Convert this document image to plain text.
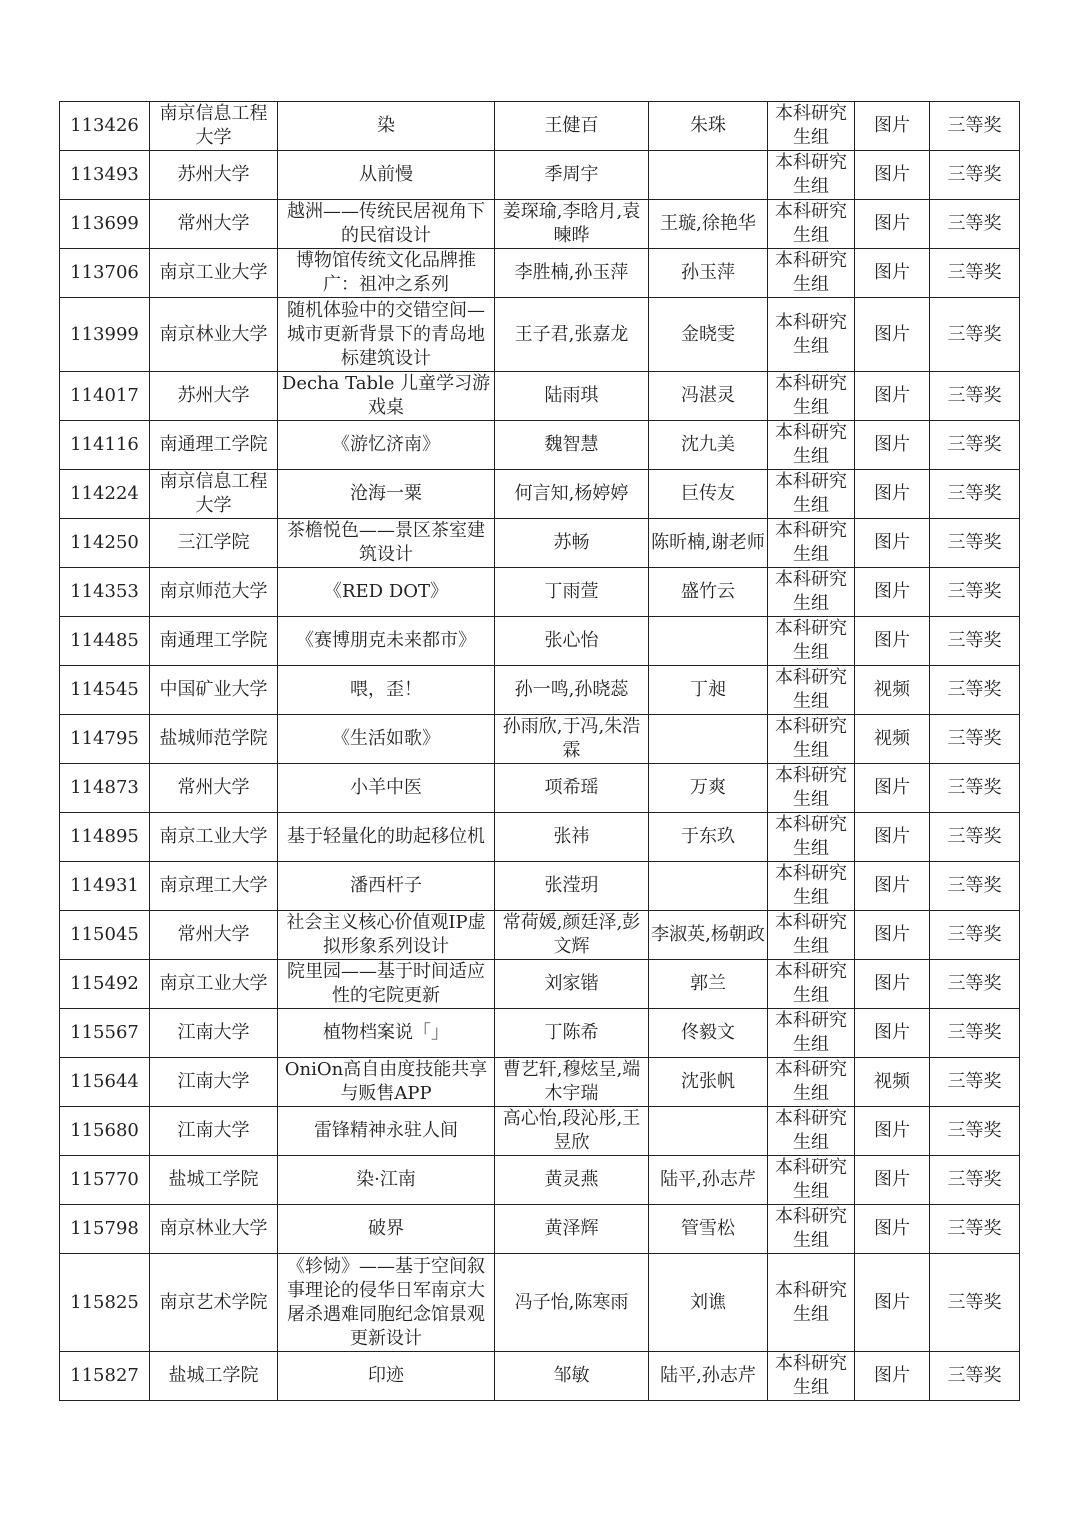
113426	南京信息工程大学	染	王健百	朱珠	本科研究生组	图片	三等奖
113493	苏州大学	从前慢	季周宇		本科研究生组	图片	三等奖
113699	常州大学	越洲——传统民居视角下的民宿设计	姜琛瑜,李晗月,袁暕晔	王璇,徐艳华	本科研究生组	图片	三等奖
113706	南京工业大学	博物馆传统文化品牌推广：祖冲之系列	李胜楠,孙玉萍	孙玉萍	本科研究生组	图片	三等奖
113999	南京林业大学	随机体验中的交错空间—城市更新背景下的青岛地标建筑设计	王子君,张嘉龙	金晓雯	本科研究生组	图片	三等奖
114017	苏州大学	Decha Table 儿童学习游戏桌	陆雨琪	冯湛灵	本科研究生组	图片	三等奖
114116	南通理工学院	《游忆济南》	魏智慧	沈九美	本科研究生组	图片	三等奖
114224	南京信息工程大学	沧海一粟	何言知,杨婷婷	巨传友	本科研究生组	图片	三等奖
114250	三江学院	茶檐悦色——景区茶室建筑设计	苏畅	陈昕楠,谢老师	本科研究生组	图片	三等奖
114353	南京师范大学	《RED DOT》	丁雨萱	盛竹云	本科研究生组	图片	三等奖
114485	南通理工学院	《赛博朋克未来都市》	张心怡		本科研究生组	图片	三等奖
114545	中国矿业大学	喂，歪！	孙一鸣,孙晓蕊	丁昶	本科研究生组	视频	三等奖
114795	盐城师范学院	《生活如歌》	孙雨欣,于冯,朱浩霖		本科研究生组	视频	三等奖
114873	常州大学	小羊中医	项希瑶	万爽	本科研究生组	图片	三等奖
114895	南京工业大学	基于轻量化的助起移位机	张祎	于东玖	本科研究生组	图片	三等奖
114931	南京理工大学	潘西杆子	张滢玥		本科研究生组	图片	三等奖
115045	常州大学	社会主义核心价值观IP虚拟形象系列设计	常荷媛,颜廷泽,彭文辉	李淑英,杨朝政	本科研究生组	图片	三等奖
115492	南京工业大学	院里园——基于时间适应性的宅院更新	刘家锴	郭兰	本科研究生组	图片	三等奖
115567	江南大学	植物档案说「」	丁陈希	佟毅文	本科研究生组	图片	三等奖
115644	江南大学	OniOn高自由度技能共享与贩售APP	曹艺轩,穆炫呈,端木宇瑞	沈张帆	本科研究生组	视频	三等奖
115680	江南大学	雷锋精神永驻人间	高心怡,段沁彤,王昱欣		本科研究生组	图片	三等奖
115770	盐城工学院	染·江南	黄灵燕	陆平,孙志芹	本科研究生组	图片	三等奖
115798	南京林业大学	破界	黄泽辉	管雪松	本科研究生组	图片	三等奖
115825	南京艺术学院	《轸恸》——基于空间叙事理论的侵华日军南京大屠杀遇难同胞纪念馆景观更新设计	冯子怡,陈寒雨	刘谯	本科研究生组	图片	三等奖
115827	盐城工学院	印迹	邹敏	陆平,孙志芹	本科研究生组	图片	三等奖
